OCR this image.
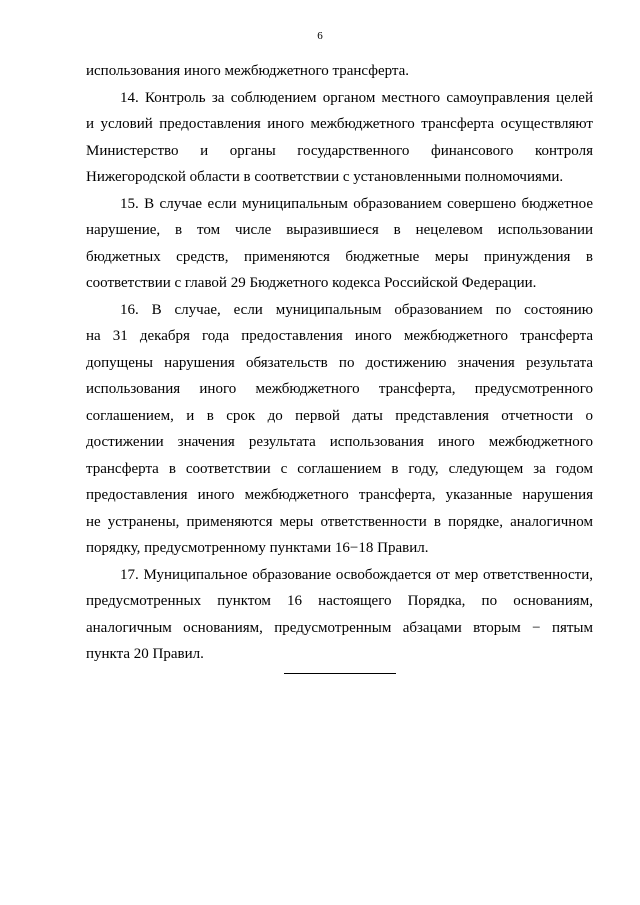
6
использования иного межбюджетного трансферта.
14. Контроль за соблюдением органом местного самоуправления целей
и условий предоставления иного межбюджетного трансферта осуществляют
Министерство и органы государственного финансового контроля
Нижегородской области в соответствии с установленными полномочиями.
15. В случае если муниципальным образованием совершено бюджетное
нарушение, в том числе выразившиеся в нецелевом использовании
бюджетных средств, применяются бюджетные меры принуждения в
соответствии с главой 29 Бюджетного кодекса Российской Федерации.
16. В случае, если муниципальным образованием по состоянию
на 31 декабря года предоставления иного межбюджетного трансферта
допущены нарушения обязательств по достижению значения результата
использования иного межбюджетного трансферта, предусмотренного
соглашением, и в срок до первой даты представления отчетности о
достижении значения результата использования иного межбюджетного
трансферта в соответствии с соглашением в году, следующем за годом
предоставления иного межбюджетного трансферта, указанные нарушения
не устранены, применяются меры ответственности в порядке, аналогичном
порядку, предусмотренному пунктами 16−18 Правил.
17. Муниципальное образование освобождается от мер ответственности,
предусмотренных пунктом 16 настоящего Порядка, по основаниям,
аналогичным основаниям, предусмотренным абзацами вторым − пятым
пункта 20 Правил.
